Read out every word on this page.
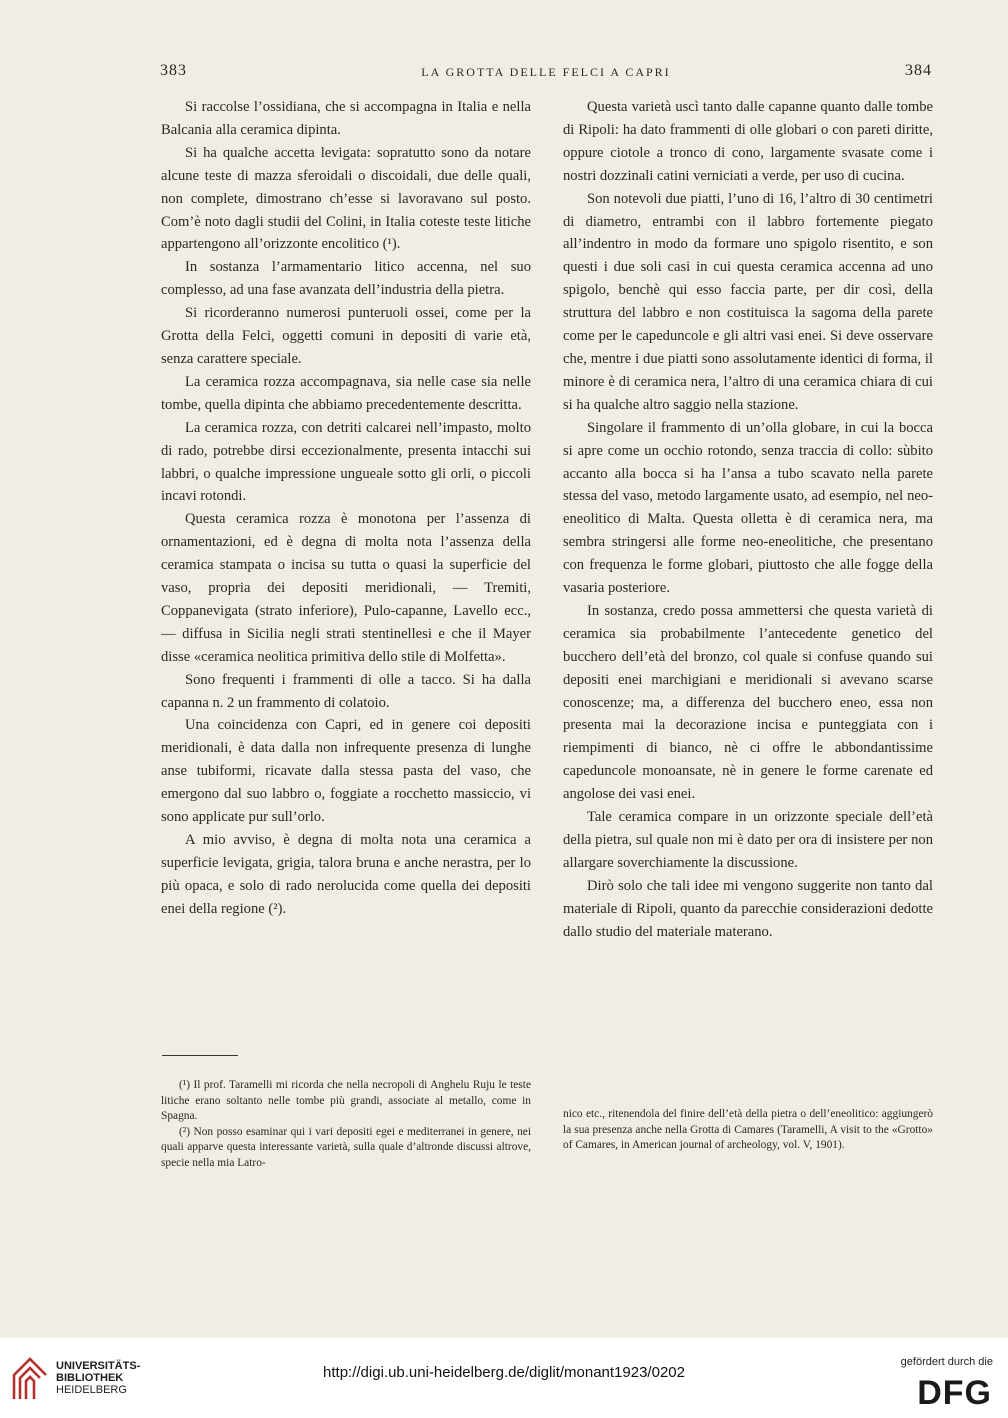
383	LA GROTTA DELLE FELCI A CAPRI	384

Si raccolse l’ossidiana, che si accompagna in Italia e nella Balcania alla ceramica dipinta.

Si ha qualche accetta levigata: sopratutto sono da notare alcune teste di mazza sferoidali o discoidali, due delle quali, non complete, dimostrano ch’esse si lavoravano sul posto. Com’è noto dagli studii del Colini, in Italia coteste teste litiche appartengono all’orizzonte encolitico (¹).

In sostanza l’armamentario litico accenna, nel suo complesso, ad una fase avanzata dell’industria della pietra.

Si ricorderanno numerosi punteruoli ossei, come per la Grotta della Felci, oggetti comuni in depositi di varie età, senza carattere speciale.

La ceramica rozza accompagnava, sia nelle case sia nelle tombe, quella dipinta che abbiamo precedentemente descritta.

La ceramica rozza, con detriti calcarei nell’impasto, molto di rado, potrebbe dirsi eccezionalmente, presenta intacchi sui labbri, o qualche impressione ungueale sotto gli orli, o piccoli incavi rotondi.

Questa ceramica rozza è monotona per l’assenza di ornamentazioni, ed è degna di molta nota l’assenza della ceramica stampata o incisa su tutta o quasi la superficie del vaso, propria dei depositi meridionali, — Tremiti, Coppanevigata (strato inferiore), Pulo-capanne, Lavello ecc., — diffusa in Sicilia negli strati stentinellesi e che il Mayer disse «ceramica neolitica primitiva dello stile di Molfetta».

Sono frequenti i frammenti di olle a tacco. Si ha dalla capanna n. 2 un frammento di colatoio.

Una coincidenza con Capri, ed in genere coi depositi meridionali, è data dalla non infrequente presenza di lunghe anse tubiformi, ricavate dalla stessa pasta del vaso, che emergono dal suo labbro o, foggiate a rocchetto massiccio, vi sono applicate pur sull’orlo.

A mio avviso, è degna di molta nota una ceramica a superficie levigata, grigia, talora bruna e anche nerastra, per lo più opaca, e solo di rado nerolucida come quella dei depositi enei della regione (²).

Questa varietà uscì tanto dalle capanne quanto dalle tombe di Ripoli: ha dato frammenti di olle globari o con pareti diritte, oppure ciotole a tronco di cono, largamente svasate come i nostri dozzinali catini verniciati a verde, per uso di cucina.

Son notevoli due piatti, l’uno di 16, l’altro di 30 centimetri di diametro, entrambi con il labbro fortemente piegato all’indentro in modo da formare uno spigolo risentito, e son questi i due soli casi in cui questa ceramica accenna ad uno spigolo, benchè qui esso faccia parte, per dir così, della struttura del labbro e non costituisca la sagoma della parete come per le capeduncole e gli altri vasi enei. Si deve osservare che, mentre i due piatti sono assolutamente identici di forma, il minore è di ceramica nera, l’altro di una ceramica chiara di cui si ha qualche altro saggio nella stazione.

Singolare il frammento di un’olla globare, in cui la bocca si apre come un occhio rotondo, senza traccia di collo: sùbito accanto alla bocca si ha l’ansa a tubo scavato nella parete stessa del vaso, metodo largamente usato, ad esempio, nel neo-eneolitico di Malta. Questa olletta è di ceramica nera, ma sembra stringersi alle forme neo-eneolitiche, che presentano con frequenza le forme globari, piuttosto che alle fogge della vasaria posteriore.

In sostanza, credo possa ammettersi che questa varietà di ceramica sia probabilmente l’antecedente genetico del bucchero dell’età del bronzo, col quale si confuse quando sui depositi enei marchigiani e meridionali si avevano scarse conoscenze; ma, a differenza del bucchero eneo, essa non presenta mai la decorazione incisa e punteggiata con i riempimenti di bianco, nè ci offre le abbondantissime capeduncole monoansate, nè in genere le forme carenate ed angolose dei vasi enei.

Tale ceramica compare in un orizzonte speciale dell’età della pietra, sul quale non mi è dato per ora di insistere per non allargare soverchiamente la discussione.

Dirò solo che tali idee mi vengono suggerite non tanto dal materiale di Ripoli, quanto da parecchie considerazioni dedotte dallo studio del materiale materano.

(¹) Il prof. Taramelli mi ricorda che nella necropoli di Anghelu Ruju le teste litiche erano soltanto nelle tombe più grandi, associate al metallo, come in Spagna.

(²) Non posso esaminar qui i vari depositi egei e mediterranei in genere, nei quali apparve questa interessante varietà, sulla quale d’altronde discussi altrove, specie nella mia Latro-

nico etc., ritenendola del finire dell’età della pietra o dell’eneolitico: aggiungerò la sua presenza anche nella Grotta di Camares (Taramelli, A visit to the «Grotto» of Camares, in American journal of archeology, vol. V, 1901).

UNIVERSITÄTS-
BIBLIOTHEK
HEIDELBERG
http://digi.ub.uni-heidelberg.de/diglit/monant1923/0202
gefördert durch die
DFG
